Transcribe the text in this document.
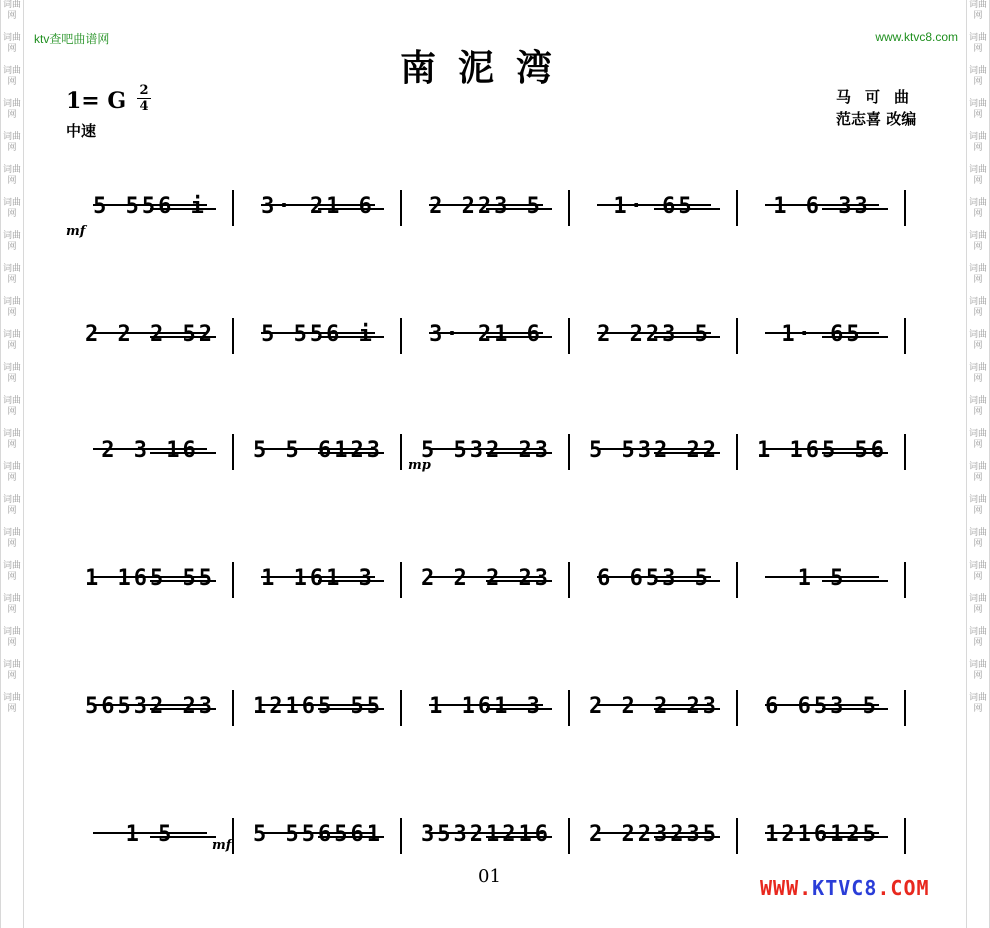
词曲网
词曲网
词曲网
词曲网
词曲网
词曲网
词曲网
词曲网
词曲网
词曲网
词曲网
词曲网
词曲网
词曲网
词曲网
词曲网
词曲网
词曲网
词曲网
词曲网
词曲网
词曲网
词曲网
词曲网
词曲网
词曲网
词曲网
词曲网
词曲网
词曲网
词曲网
词曲网
词曲网
词曲网
词曲网
词曲网
词曲网
词曲网
词曲网
词曲网
词曲网
词曲网
词曲网
词曲网
ktv查吧曲谱网	www.ktvc8.com
南泥湾
1= G 2
4
中速
马可曲
范志喜 改编
5 556 i	3· 21 6	2 223 5	1· 65	1 6 33
2 2 2 52	5 556 i	3· 21 6	2 223 5	1· 65
2 3 16	5 5 6123	5 532 23	5 532 22	1 165 56
1 165 55	1 161 3	2 2 2 23	6 653 5	1 5
56532 23	12165 55	1 161 3	2 2 2 23	6 653 5
1 5	5 556561	35321216	2 223235	1216125
mf
mp
mf
01	WWW.KTVC8.COM
